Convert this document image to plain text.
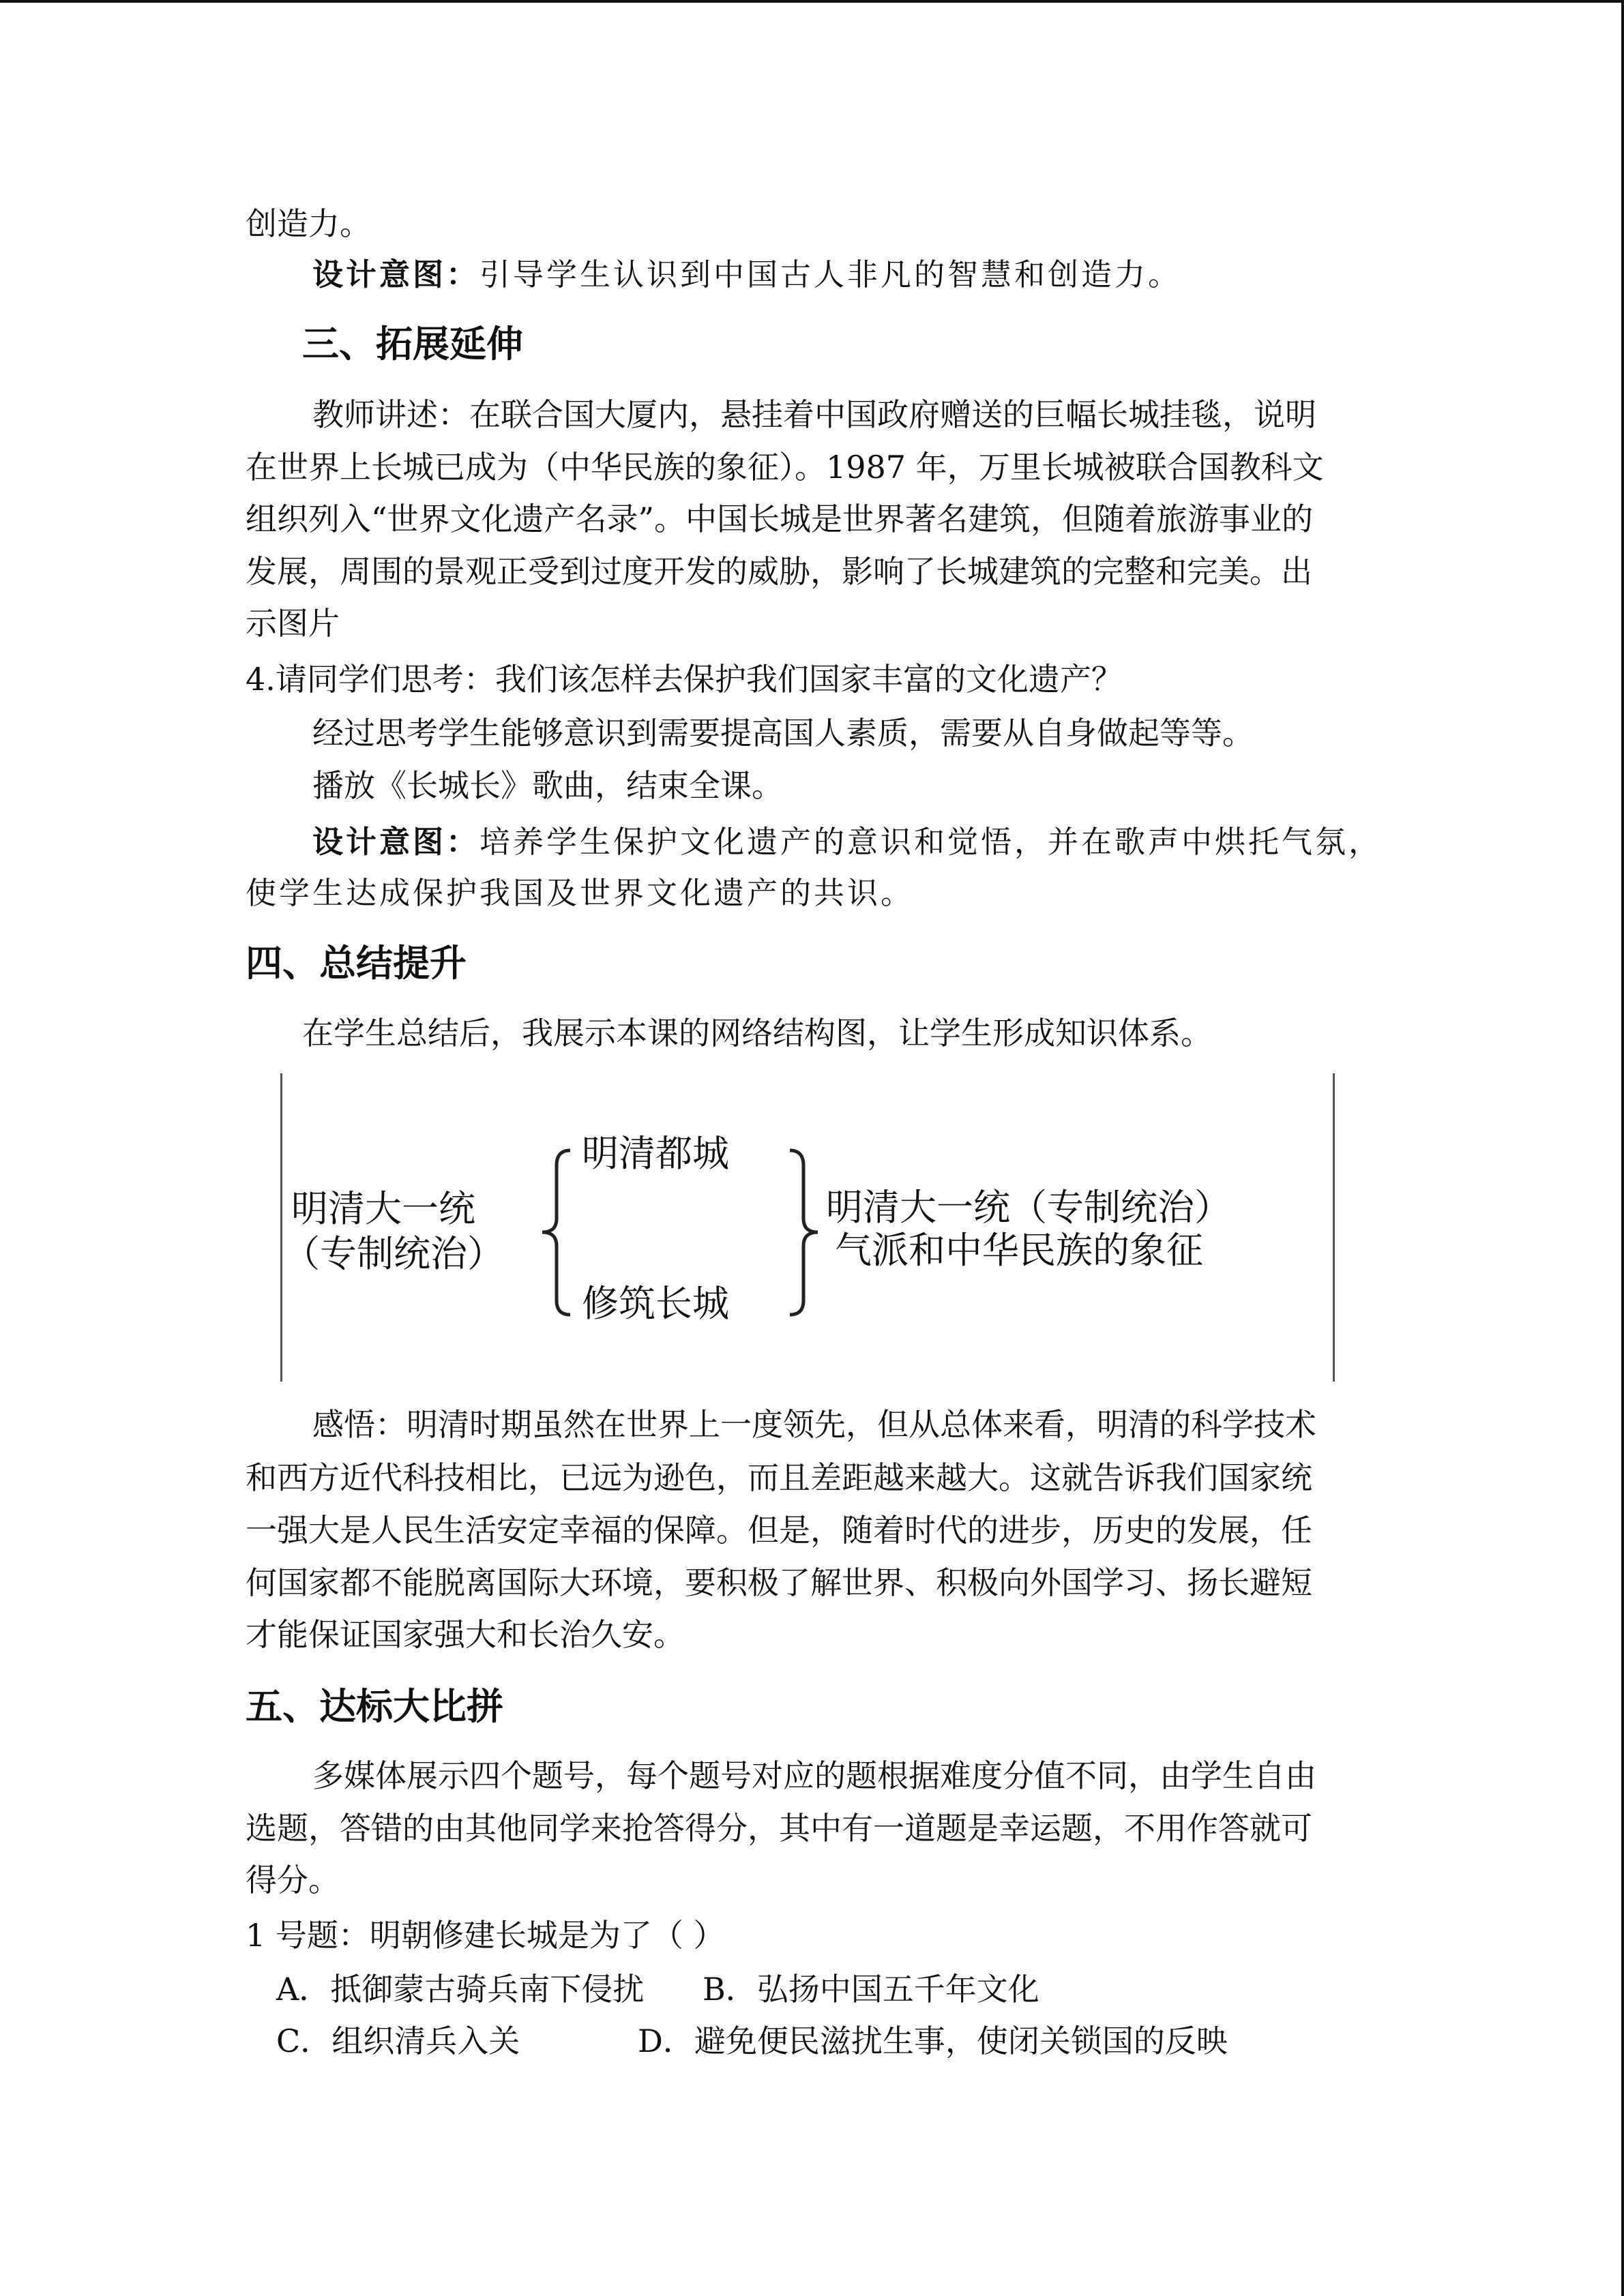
创造力。
设计意图：引导学生认识到中国古人非凡的智慧和创造力。
三、拓展延伸
教师讲述：在联合国大厦内，悬挂着中国政府赠送的巨幅长城挂毯，说明
在世界上长城已成为（中华民族的象征）。1987 年，万里长城被联合国教科文
组织列入“世界文化遗产名录”。中国长城是世界著名建筑，但随着旅游事业的
发展，周围的景观正受到过度开发的威胁，影响了长城建筑的完整和完美。出
示图片
4.请同学们思考：我们该怎样去保护我们国家丰富的文化遗产？
经过思考学生能够意识到需要提高国人素质，需要从自身做起等等。
播放《长城长》歌曲，结束全课。
设计意图：培养学生保护文化遗产的意识和觉悟，并在歌声中烘托气氛，
使学生达成保护我国及世界文化遗产的共识。
四、总结提升
在学生总结后，我展示本课的网络结构图，让学生形成知识体系。
明清大一统
（专制统治）
明清都城
修筑长城
明清大一统（专制统治）
气派和中华民族的象征
感悟：明清时期虽然在世界上一度领先，但从总体来看，明清的科学技术
和西方近代科技相比，已远为逊色，而且差距越来越大。这就告诉我们国家统
一强大是人民生活安定幸福的保障。但是，随着时代的进步，历史的发展，任
何国家都不能脱离国际大环境，要积极了解世界、积极向外国学习、扬长避短
才能保证国家强大和长治久安。
五、达标大比拼
多媒体展示四个题号，每个题号对应的题根据难度分值不同，由学生自由
选题，答错的由其他同学来抢答得分，其中有一道题是幸运题，不用作答就可
得分。
1 号题：明朝修建长城是为了（ ）
A．抵御蒙古骑兵南下侵扰 B．弘扬中国五千年文化
C．组织清兵入关	D．避免便民滋扰生事，使闭关锁国的反映
